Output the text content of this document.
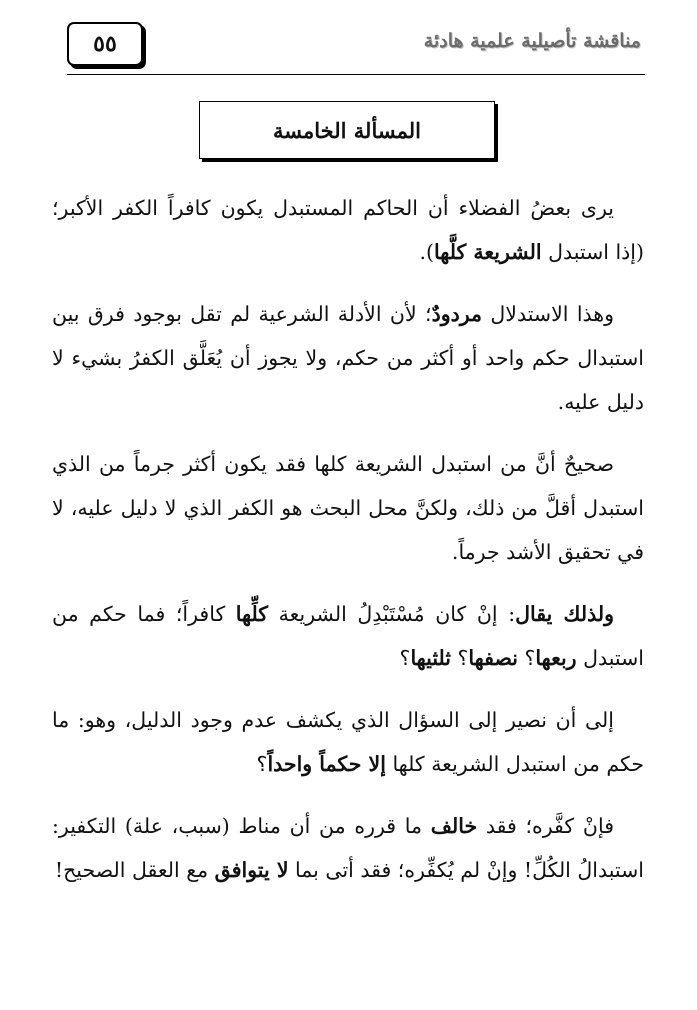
٥٥	مناقشة تأصيلية علمية هادئة
المسألة الخامسة

يرى بعضُ الفضلاء أن الحاكم المستبدل يكون كافراً الكفر الأكبر؛ (إذا استبدل الشريعة كلَّها).

وهذا الاستدلال مردودٌ؛ لأن الأدلة الشرعية لم تقل بوجود فرق بين استبدال حكم واحد أو أكثر من حكم، ولا يجوز أن يُعَلَّق الكفرُ بشيء لا دليل عليه.

صحيحٌ أنَّ من استبدل الشريعة كلها فقد يكون أكثر جرماً من الذي استبدل أقلَّ من ذلك، ولكنَّ محل البحث هو الكفر الذي لا دليل عليه، لا في تحقيق الأشد جرماً.

ولذلك يقال: إنْ كان مُسْتَبْدِلُ الشريعة كلِّها كافراً؛ فما حكم من استبدل ربعها؟ نصفها؟ ثلثيها؟

إلى أن نصير إلى السؤال الذي يكشف عدم وجود الدليل، وهو: ما حكم من استبدل الشريعة كلها إلا حكماً واحداً؟

فإنْ كفَّره؛ فقد خالف ما قرره من أن مناط (سبب، علة) التكفير: استبدالُ الكُلِّ! وإنْ لم يُكفِّره؛ فقد أتى بما لا يتوافق مع العقل الصحيح!
